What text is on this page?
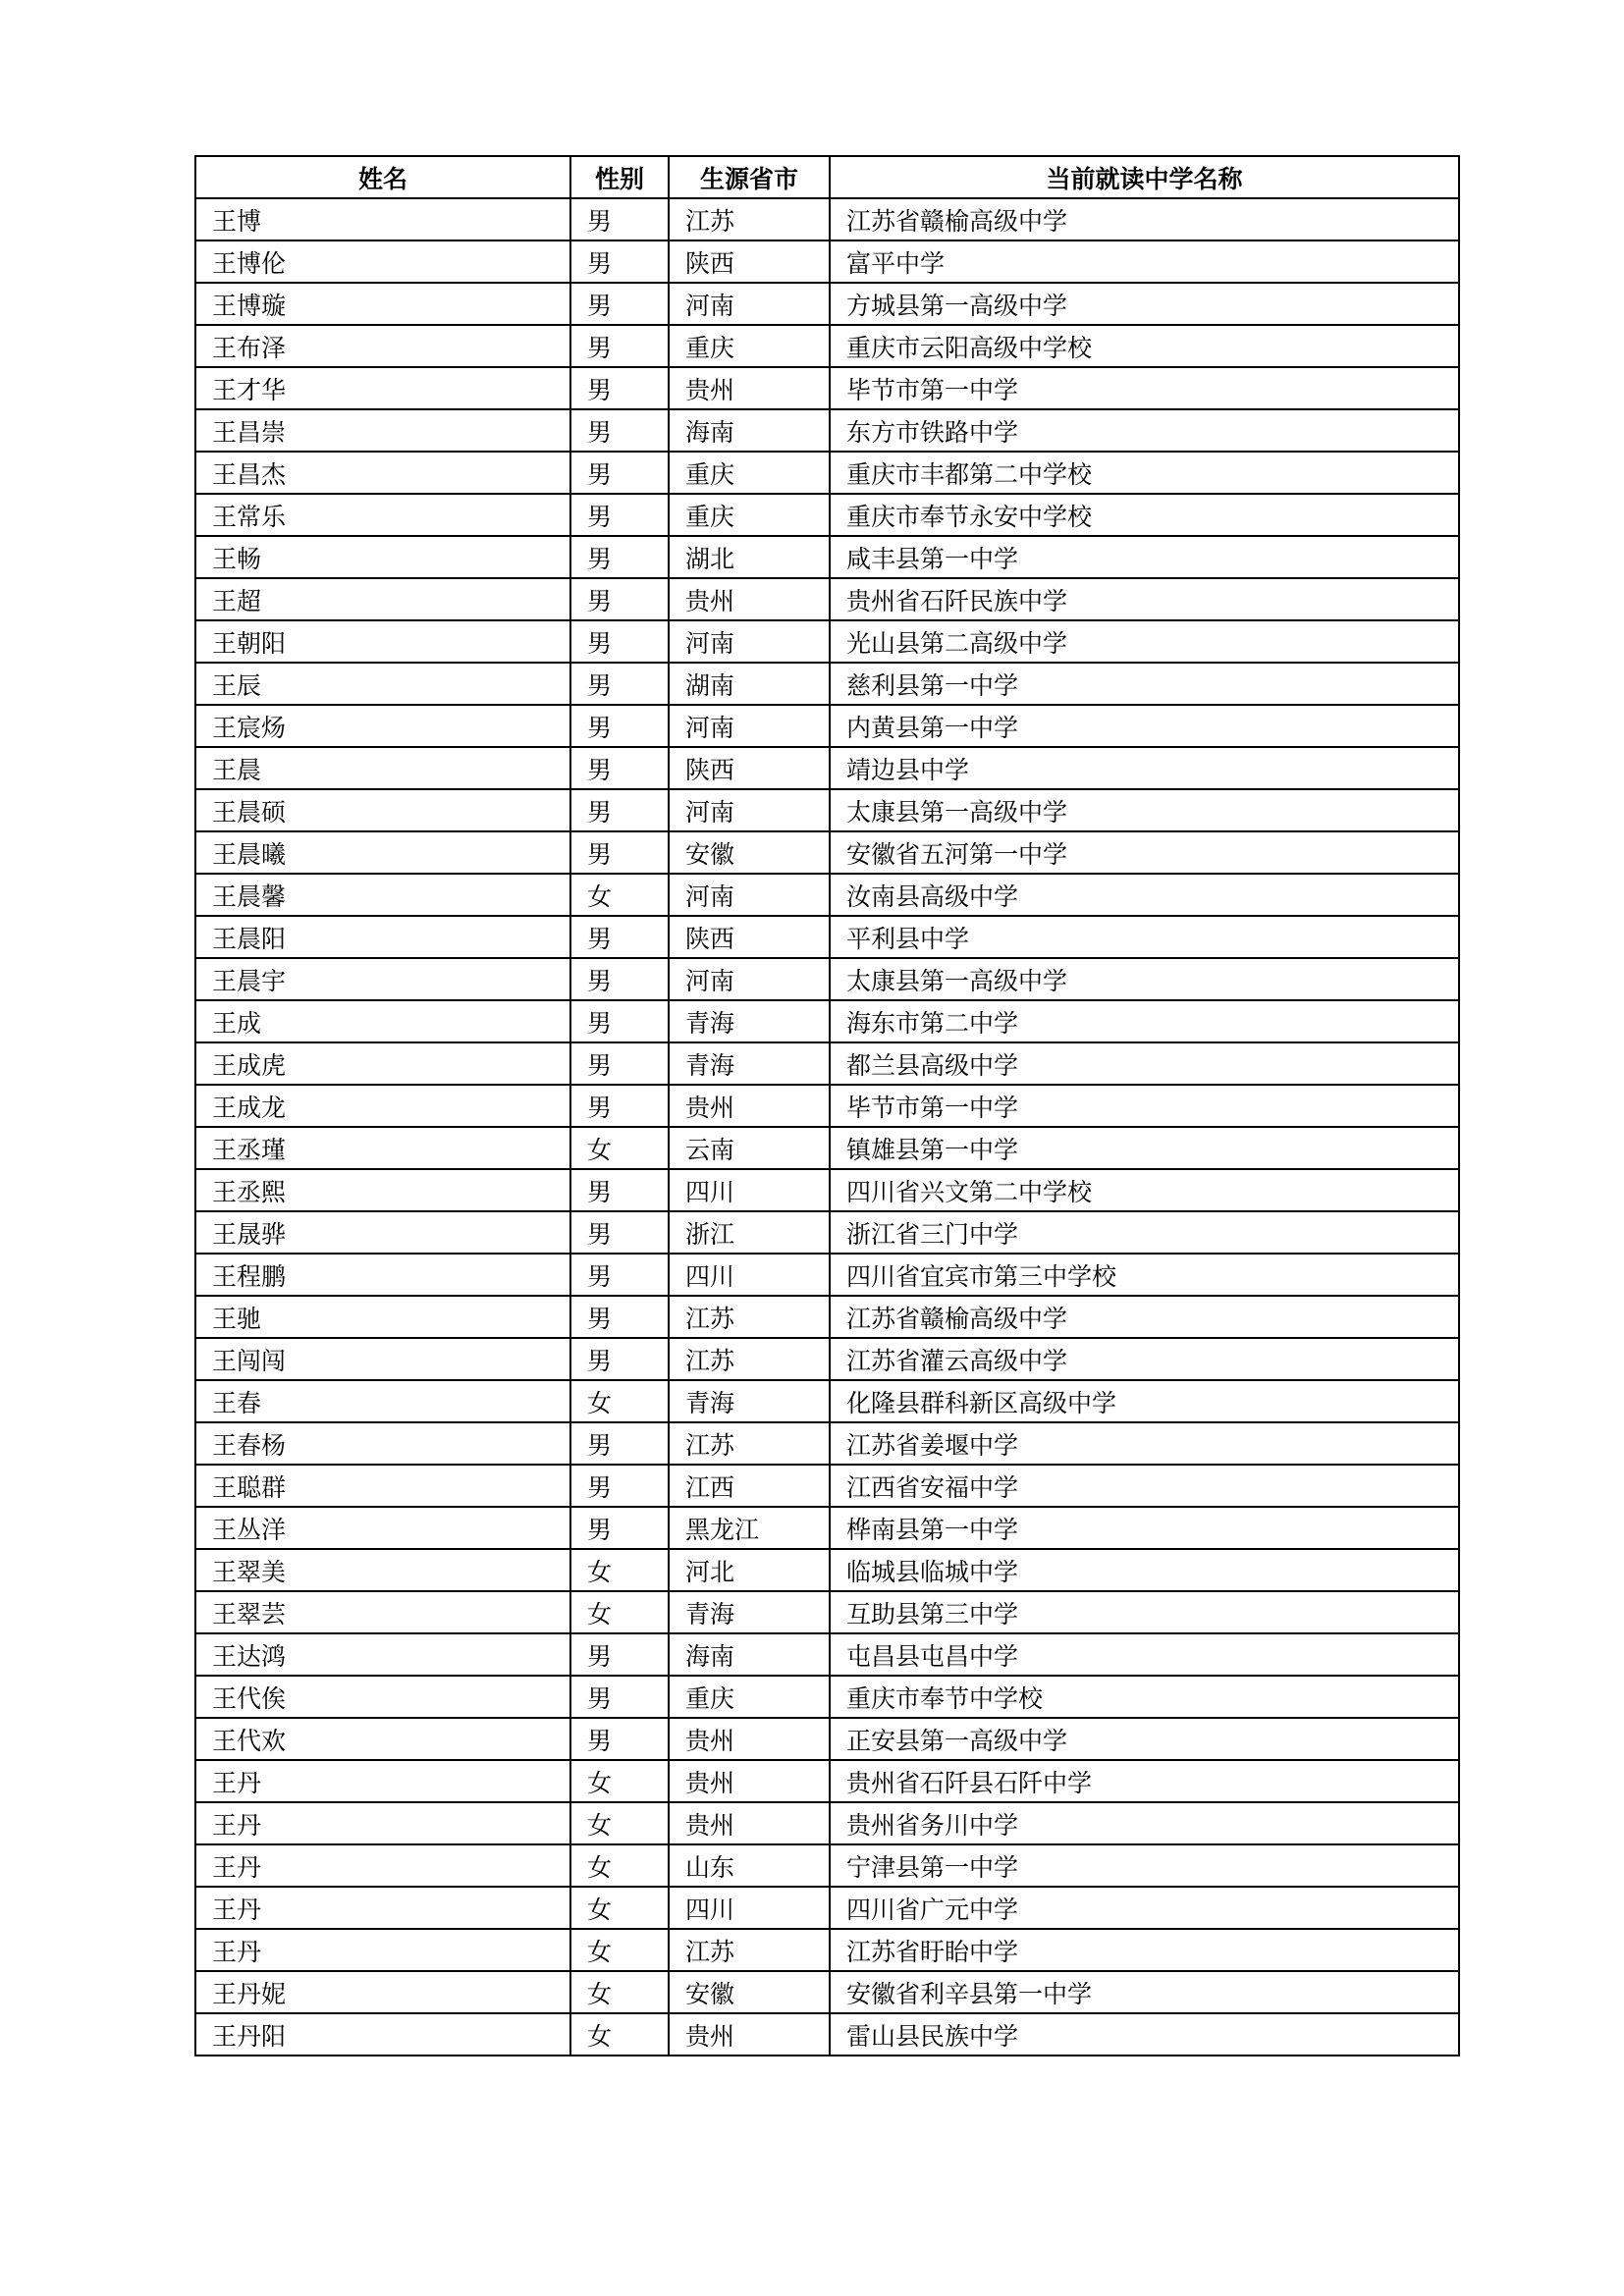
姓名	性别	生源省市	当前就读中学名称
王博	男	江苏	江苏省赣榆高级中学
王博伦	男	陕西	富平中学
王博璇	男	河南	方城县第一高级中学
王布泽	男	重庆	重庆市云阳高级中学校
王才华	男	贵州	毕节市第一中学
王昌崇	男	海南	东方市铁路中学
王昌杰	男	重庆	重庆市丰都第二中学校
王常乐	男	重庆	重庆市奉节永安中学校
王畅	男	湖北	咸丰县第一中学
王超	男	贵州	贵州省石阡民族中学
王朝阳	男	河南	光山县第二高级中学
王辰	男	湖南	慈利县第一中学
王宸炀	男	河南	内黄县第一中学
王晨	男	陕西	靖边县中学
王晨硕	男	河南	太康县第一高级中学
王晨曦	男	安徽	安徽省五河第一中学
王晨馨	女	河南	汝南县高级中学
王晨阳	男	陕西	平利县中学
王晨宇	男	河南	太康县第一高级中学
王成	男	青海	海东市第二中学
王成虎	男	青海	都兰县高级中学
王成龙	男	贵州	毕节市第一中学
王丞瑾	女	云南	镇雄县第一中学
王丞熙	男	四川	四川省兴文第二中学校
王晟骅	男	浙江	浙江省三门中学
王程鹏	男	四川	四川省宜宾市第三中学校
王驰	男	江苏	江苏省赣榆高级中学
王闯闯	男	江苏	江苏省灌云高级中学
王春	女	青海	化隆县群科新区高级中学
王春杨	男	江苏	江苏省姜堰中学
王聪群	男	江西	江西省安福中学
王丛洋	男	黑龙江	桦南县第一中学
王翠美	女	河北	临城县临城中学
王翠芸	女	青海	互助县第三中学
王达鸿	男	海南	屯昌县屯昌中学
王代俟	男	重庆	重庆市奉节中学校
王代欢	男	贵州	正安县第一高级中学
王丹	女	贵州	贵州省石阡县石阡中学
王丹	女	贵州	贵州省务川中学
王丹	女	山东	宁津县第一中学
王丹	女	四川	四川省广元中学
王丹	女	江苏	江苏省盱眙中学
王丹妮	女	安徽	安徽省利辛县第一中学
王丹阳	女	贵州	雷山县民族中学
